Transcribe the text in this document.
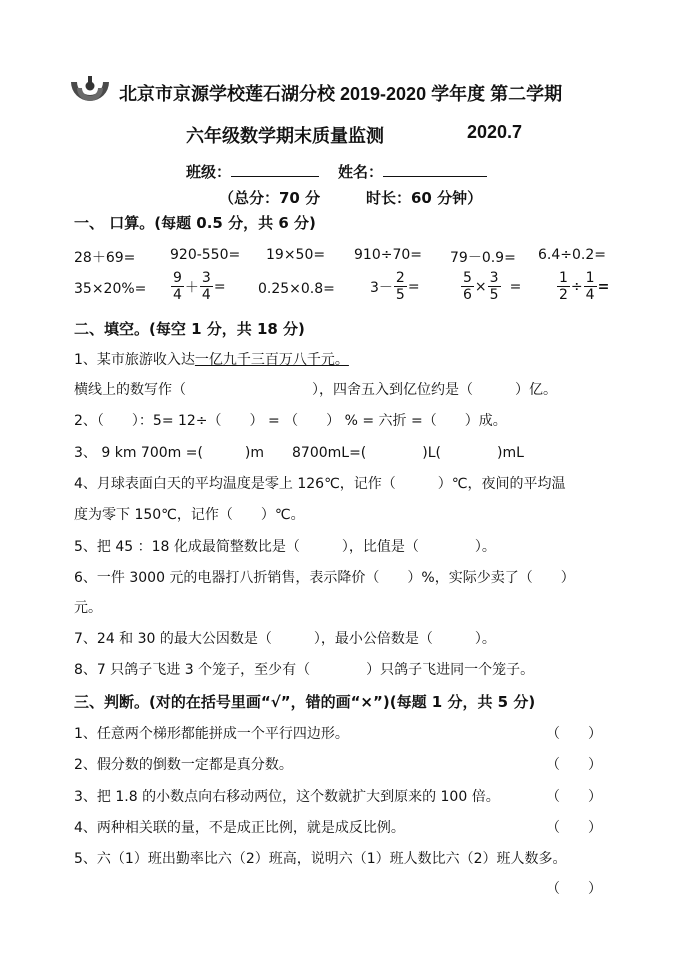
北京市京源学校莲石湖分校 2019-2020 学年度 第二学期
六年级数学期末质量监测	2020.7
班级：	姓名：
（总分：70 分	时长：60 分钟）
一、 口算。(每题 0.5 分，共 6 分)
28＋69= 920-550= 19×50= 910÷70= 79－0.9= 6.4÷0.2=
$35\times 20\%= \frac{9}{4} + \frac{3}{4} = 0.25\times 0.8=$	$3- \frac{2}{5}$ =	$\frac{5}{6} \times \frac{3}{5}$ =	$\frac{1}{2} \div \frac{1}{4}$ =
二、填空。(每空 1 分，共 18 分)
1、某市旅游收入达一亿九千三百万八千元。
横线上的数写作（　　　　　　　　　），四舍五入到亿位约是（　　　）亿。
2、（　　）：5= 12÷（　　） = （　　） % = 六折 =（　　）成。
3、 9 km 700m =(　　　)m　　8700mL=(　　　　)L(　　　　)mL
4、月球表面白天的平均温度是零上 126℃，记作（　　　）℃，夜间的平均温
度为零下 150℃，记作（　　）℃。
5、把 45 ：18 化成最简整数比是（　　　），比值是（　　　　）。
6、一件 3000 元的电器打八折销售，表示降价（　　）%，实际少卖了（　　）
元。
7、24 和 30 的最大公因数是（　　　），最小公倍数是（　　　）。
8、7 只鸽子飞进 3 个笼子，至少有（　　　　）只鸽子飞进同一个笼子。
三、判断。(对的在括号里画“√”，错的画“×”)(每题 1 分，共 5 分)
1、任意两个梯形都能拼成一个平行四边形。	（　　）
2、假分数的倒数一定都是真分数。	（　　）
3、把 1.8 的小数点向右移动两位，这个数就扩大到原来的 100 倍。	（　　）
4、两种相关联的量，不是成正比例，就是成反比例。	（　　）
5、六（1）班出勤率比六（2）班高，说明六（1）班人数比六（2）班人数多。
（　　）
